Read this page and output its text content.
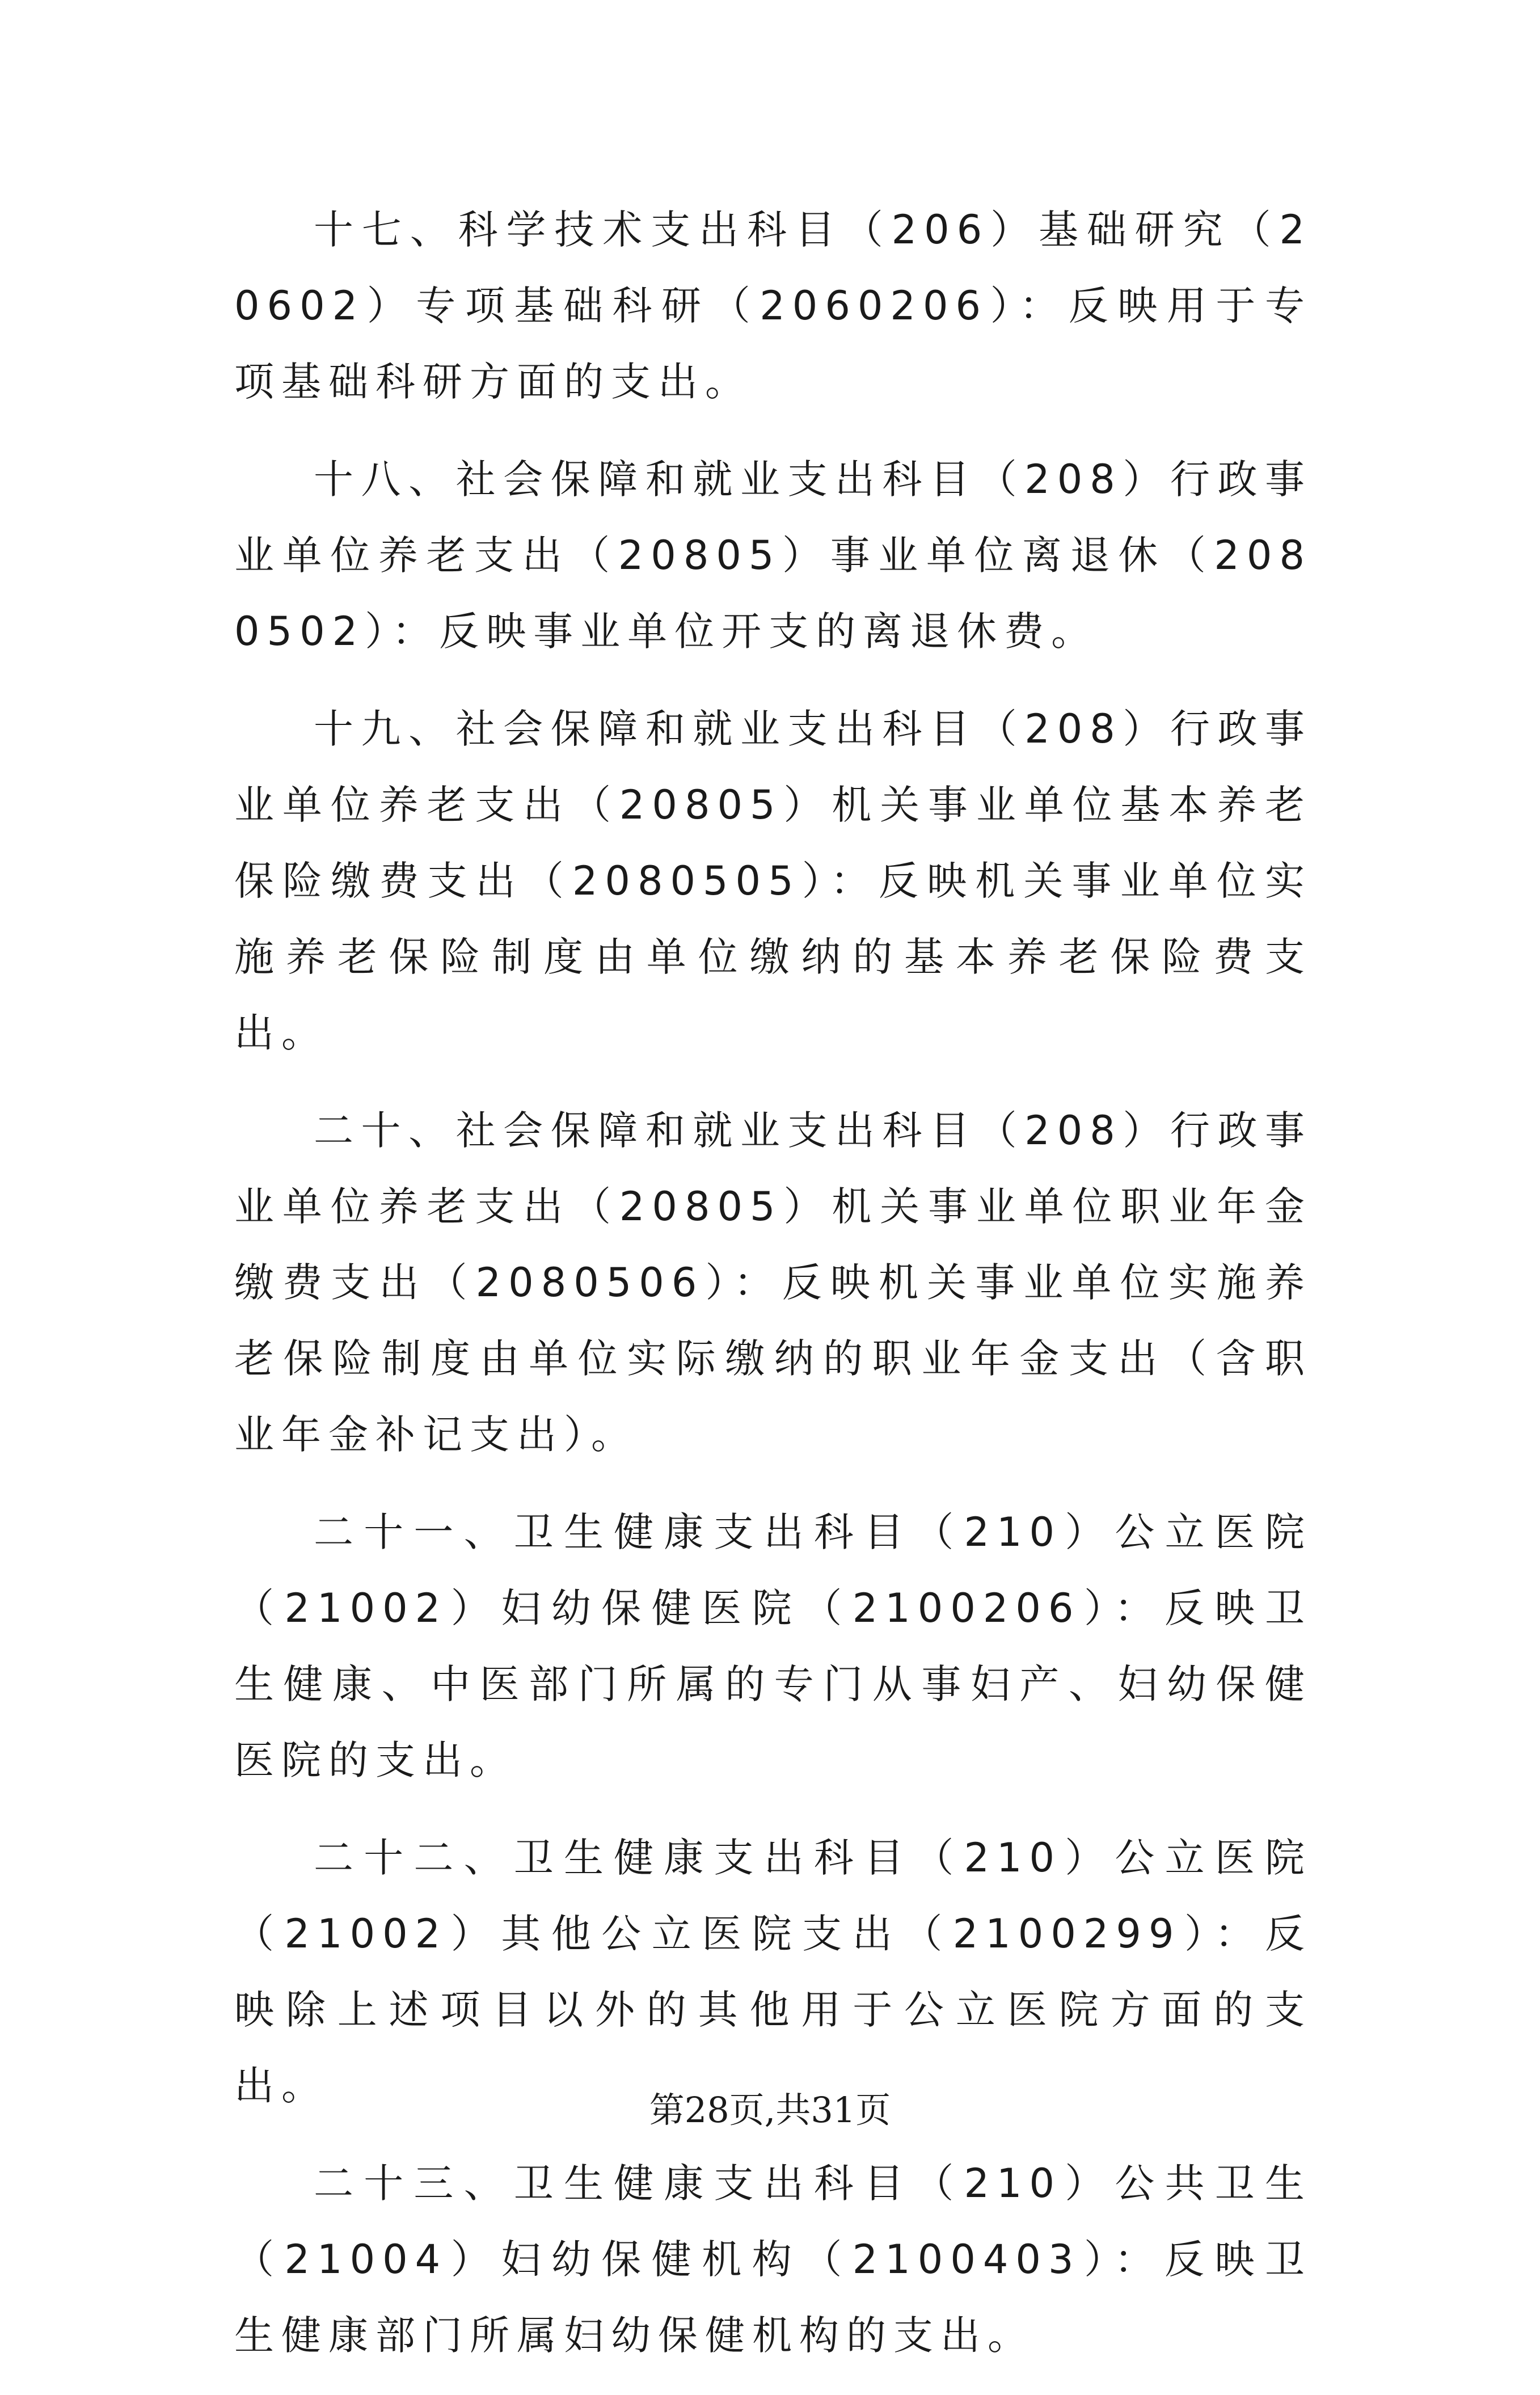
十七、科学技术支出科目（206）基础研究（20602）专项基础科研（2060206）：反映用于专项基础科研方面的支出。

十八、社会保障和就业支出科目（208）行政事业单位养老支出（20805）事业单位离退休（2080502）：反映事业单位开支的离退休费。

十九、社会保障和就业支出科目（208）行政事业单位养老支出（20805）机关事业单位基本养老保险缴费支出（2080505）：反映机关事业单位实施养老保险制度由单位缴纳的基本养老保险费支出。

二十、社会保障和就业支出科目（208）行政事业单位养老支出（20805）机关事业单位职业年金缴费支出（2080506）：反映机关事业单位实施养老保险制度由单位实际缴纳的职业年金支出（含职业年金补记支出）。

二十一、卫生健康支出科目（210）公立医院（21002）妇幼保健医院（2100206）：反映卫生健康、中医部门所属的专门从事妇产、妇幼保健医院的支出。

二十二、卫生健康支出科目（210）公立医院（21002）其他公立医院支出（2100299）：反映除上述项目以外的其他用于公立医院方面的支出。

二十三、卫生健康支出科目（210）公共卫生（21004）妇幼保健机构（2100403）：反映卫生健康部门所属妇幼保健机构的支出。

第28页,共31页
